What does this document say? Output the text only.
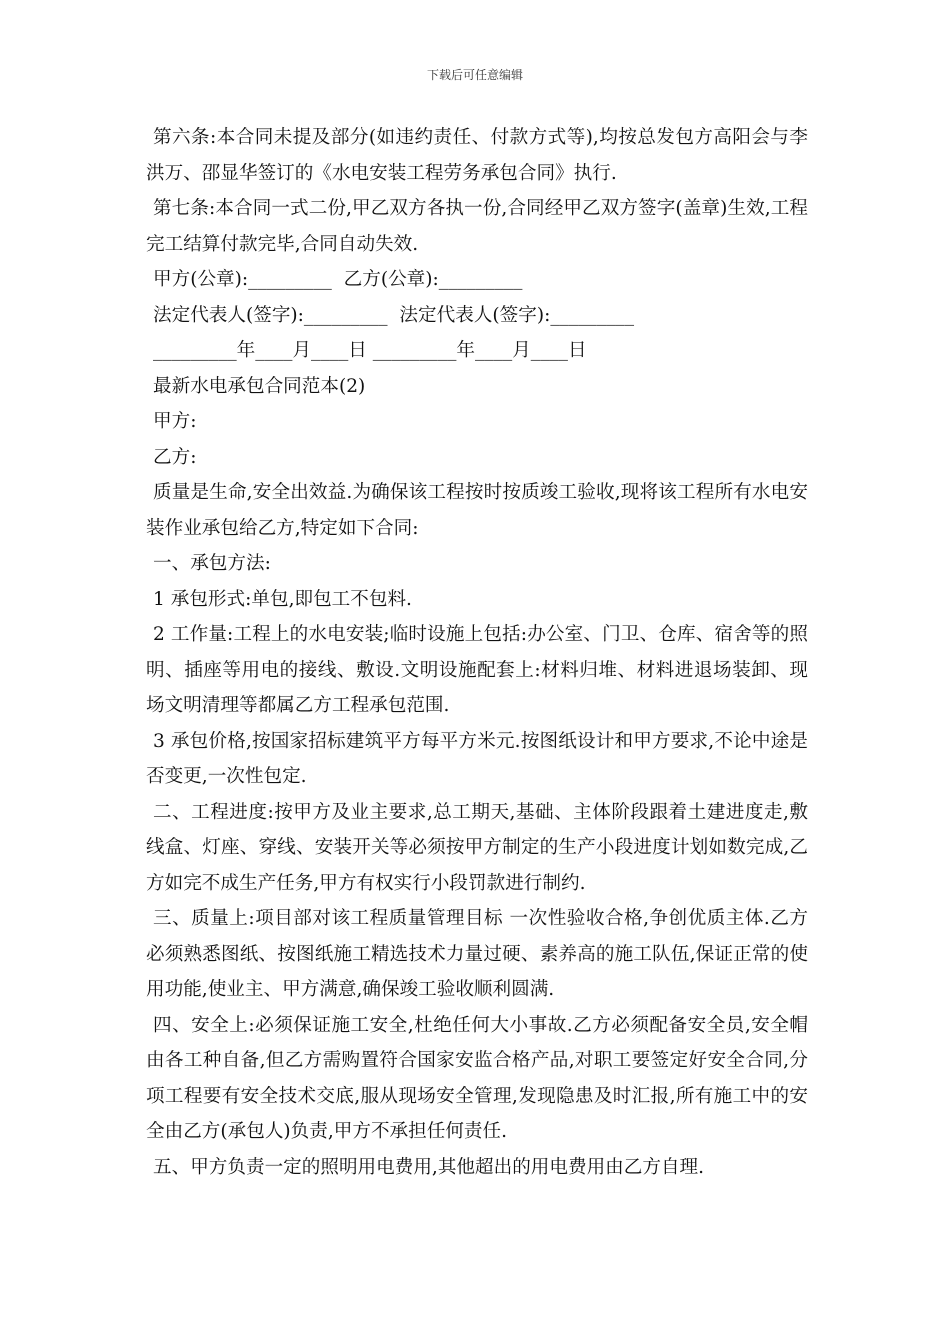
下载后可任意编辑

第六条:本合同未提及部分(如违约责任、付款方式等),均按总发包方高阳会与李洪万、邵显华签订的《水电安装工程劳务承包合同》执行.

第七条:本合同一式二份,甲乙双方各执一份,合同经甲乙双方签字(盖章)生效,工程完工结算付款完毕,合同自动失效.

甲方(公章):_________  乙方(公章):_________

法定代表人(签字):_________  法定代表人(签字):_________

_________年____月____日 _________年____月____日

最新水电承包合同范本(2)

甲方:

乙方:

质量是生命,安全出效益.为确保该工程按时按质竣工验收,现将该工程所有水电安装作业承包给乙方,特定如下合同:

一、承包方法:

1 承包形式:单包,即包工不包料.

2 工作量:工程上的水电安装;临时设施上包括:办公室、门卫、仓库、宿舍等的照明、插座等用电的接线、敷设.文明设施配套上:材料归堆、材料进退场装卸、现场文明清理等都属乙方工程承包范围.

3 承包价格,按国家招标建筑平方每平方米元.按图纸设计和甲方要求,不论中途是否变更,一次性包定.

二、工程进度:按甲方及业主要求,总工期天,基础、主体阶段跟着土建进度走,敷线盒、灯座、穿线、安装开关等必须按甲方制定的生产小段进度计划如数完成,乙方如完不成生产任务,甲方有权实行小段罚款进行制约.

三、质量上:项目部对该工程质量管理目标 一次性验收合格,争创优质主体.乙方必须熟悉图纸、按图纸施工精选技术力量过硬、素养高的施工队伍,保证正常的使用功能,使业主、甲方满意,确保竣工验收顺利圆满.

四、安全上:必须保证施工安全,杜绝任何大小事故.乙方必须配备安全员,安全帽由各工种自备,但乙方需购置符合国家安监合格产品,对职工要签定好安全合同,分项工程要有安全技术交底,服从现场安全管理,发现隐患及时汇报,所有施工中的安全由乙方(承包人)负责,甲方不承担任何责任.

五、甲方负责一定的照明用电费用,其他超出的用电费用由乙方自理.
